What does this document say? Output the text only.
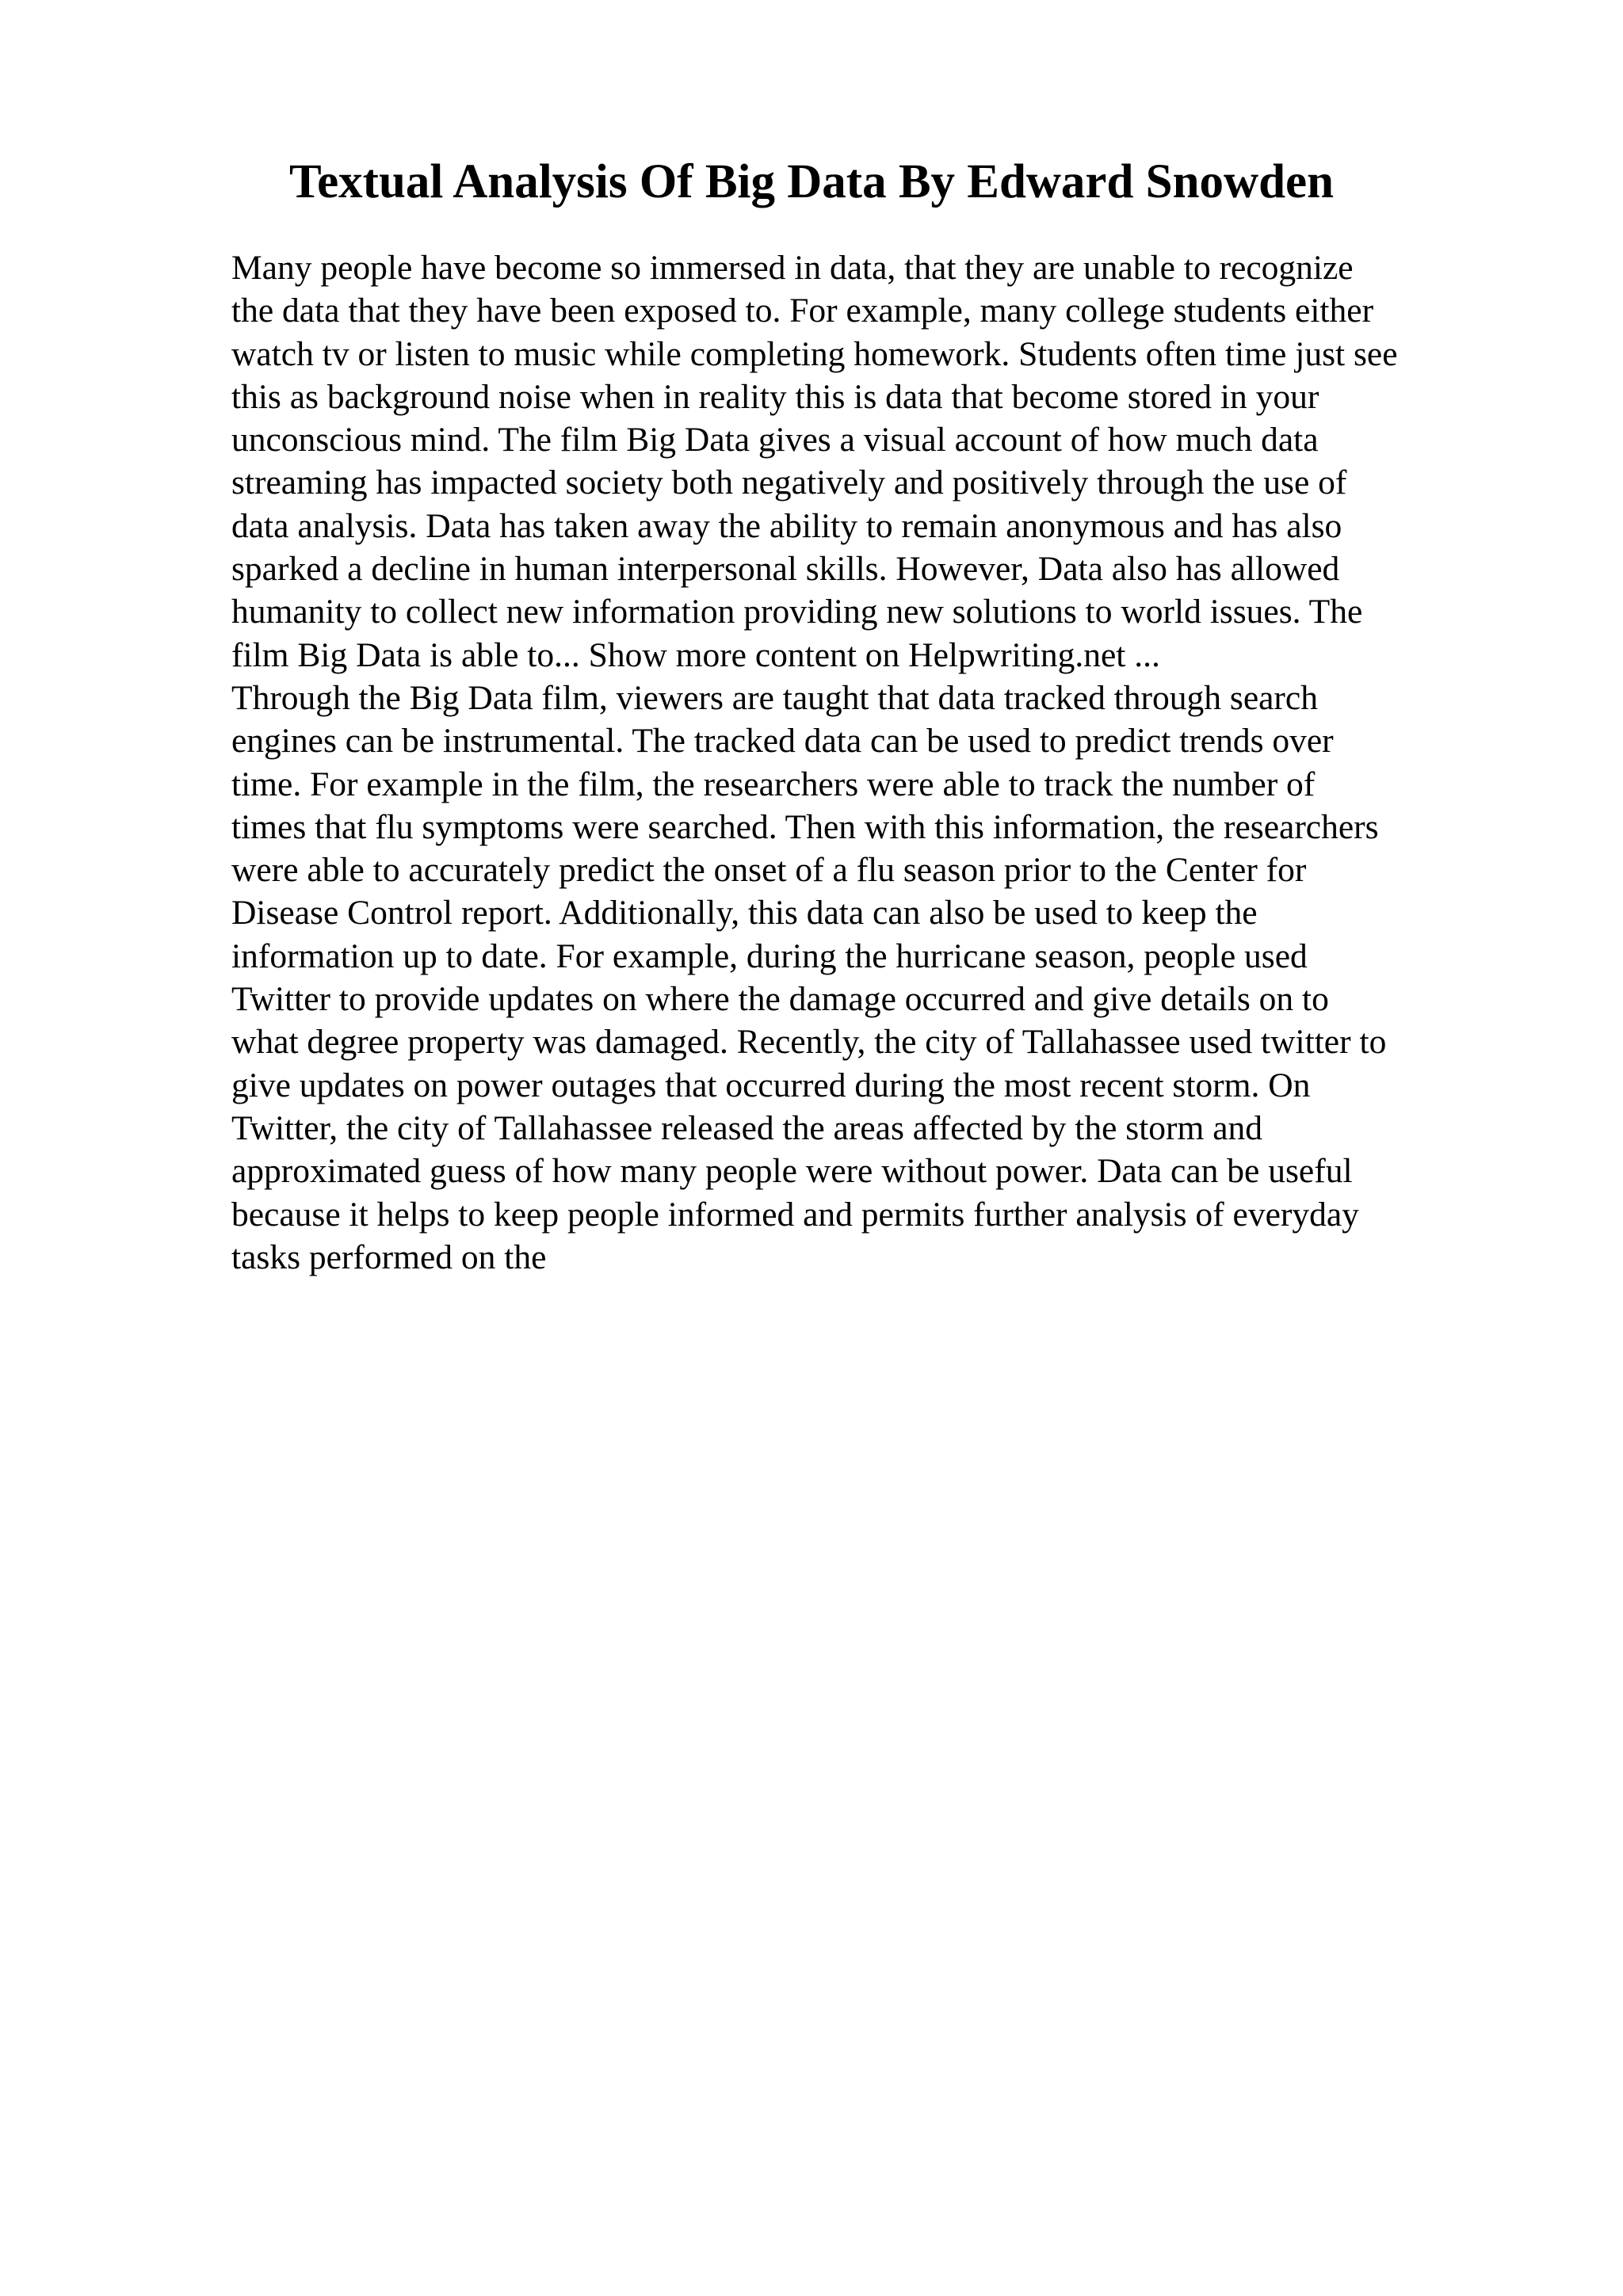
Textual Analysis Of Big Data By Edward Snowden
Many people have become so immersed in data, that they are unable to recognize
the data that they have been exposed to. For example, many college students either
watch tv or listen to music while completing homework. Students often time just see
this as background noise when in reality this is data that become stored in your
unconscious mind. The film Big Data gives a visual account of how much data
streaming has impacted society both negatively and positively through the use of
data analysis. Data has taken away the ability to remain anonymous and has also
sparked a decline in human interpersonal skills. However, Data also has allowed
humanity to collect new information providing new solutions to world issues. The
film Big Data is able to... Show more content on Helpwriting.net ...
Through the Big Data film, viewers are taught that data tracked through search
engines can be instrumental. The tracked data can be used to predict trends over
time. For example in the film, the researchers were able to track the number of
times that flu symptoms were searched. Then with this information, the researchers
were able to accurately predict the onset of a flu season prior to the Center for
Disease Control report. Additionally, this data can also be used to keep the
information up to date. For example, during the hurricane season, people used
Twitter to provide updates on where the damage occurred and give details on to
what degree property was damaged. Recently, the city of Tallahassee used twitter to
give updates on power outages that occurred during the most recent storm. On
Twitter, the city of Tallahassee released the areas affected by the storm and
approximated guess of how many people were without power. Data can be useful
because it helps to keep people informed and permits further analysis of everyday
tasks performed on the
